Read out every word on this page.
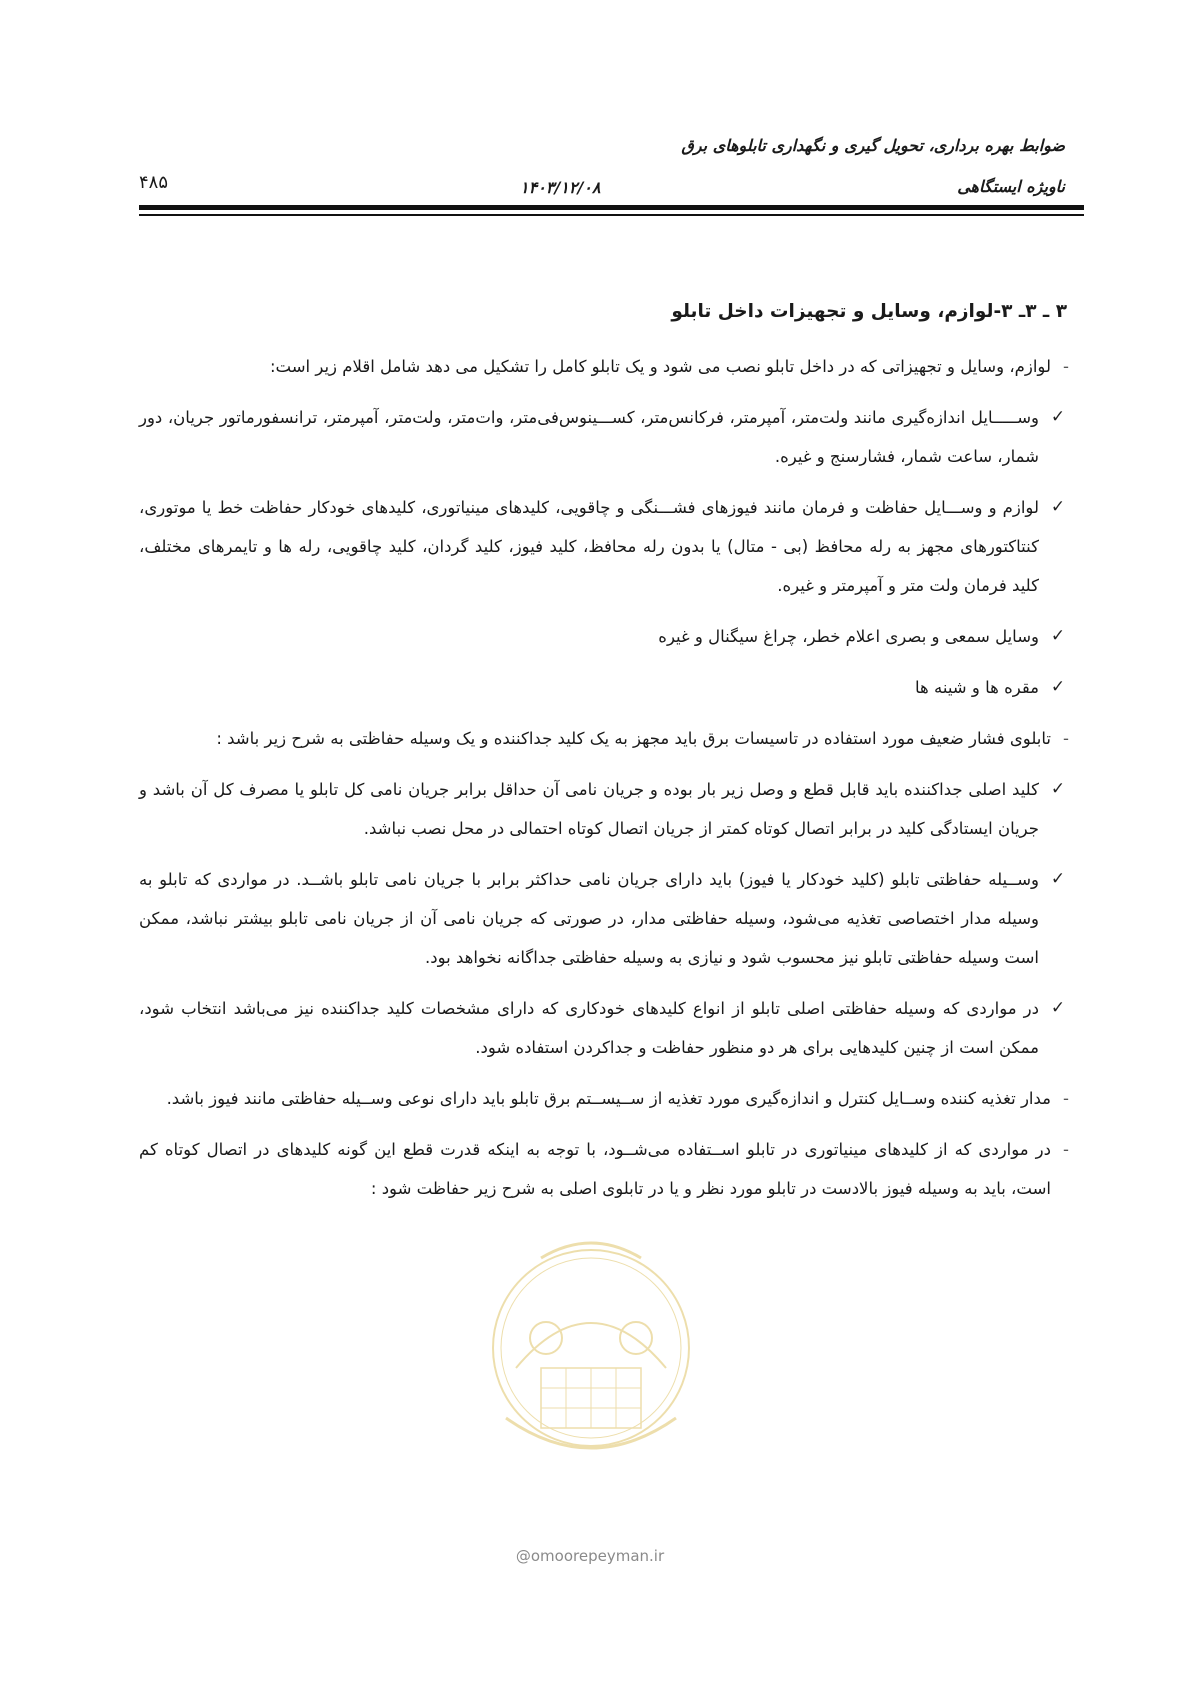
ضوابط بهره برداری، تحویل گیری و نگهداری تابلوهای برق
ناویژه ایستگاهی
۱۴۰۳/۱۲/۰۸
۴۸۵
۳ ـ ۳ـ ۳-لوازم، وسایل و تجهیزات داخل تابلو
-

لوازم، وسایل و تجهیزاتی که در داخل تابلو نصب می شود و یک تابلو کامل را تشکیل می دهد شامل اقلام زیر است:

✓

وســـــایل اندازه‌گیری مانند ولت‌متر، آمپرمتر، فرکانس‌متر، کســـینوس‌فی‌متر، وات‌متر، ولت‌متر، آمپرمتر، ترانسفورماتور جریان، دور شمار، ساعت شمار، فشارسنج و غیره.

✓

لوازم و وســـایل حفاظت و فرمان مانند فیوزهای فشـــنگی و چاقویی، کلیدهای مینیاتوری، کلیدهای خودکار حفاظت خط یا موتوری، کنتاکتورهای مجهز به رله محافظ (بی - متال) یا بدون رله محافظ، کلید فیوز، کلید گردان، کلید چاقویی، رله ها و تایمرهای مختلف، کلید فرمان ولت متر و آمپرمتر و غیره.

✓

وسایل سمعی و بصری اعلام خطر، چراغ سیگنال و غیره

✓

مقره ها و شینه ها

-

تابلوی فشار ضعیف مورد استفاده در تاسیسات برق باید مجهز به یک کلید جداکننده و یک وسیله حفاظتی به شرح زیر باشد :

✓

کلید اصلی جداکننده باید قابل قطع و وصل زیر بار بوده و جریان نامی آن حداقل برابر جریان نامی کل تابلو یا مصرف کل آن باشد و جریان ایستادگی کلید در برابر اتصال کوتاه کمتر از جریان اتصال کوتاه احتمالی در محل نصب نباشد.

✓

وســیله حفاظتی تابلو (کلید خودکار یا فیوز) باید دارای جریان نامی حداکثر برابر با جریان نامی تابلو باشــد. در مواردی که تابلو به وسیله مدار اختصاصی تغذیه می‌شود، وسیله حفاظتی مدار، در صورتی که جریان نامی آن از جریان نامی تابلو بیشتر نباشد، ممکن است وسیله حفاظتی تابلو نیز محسوب شود و نیازی به وسیله حفاظتی جداگانه نخواهد بود.

✓

در مواردی که وسیله حفاظتی اصلی تابلو از انواع کلیدهای خودکاری که دارای مشخصات کلید جداکننده نیز می‌باشد انتخاب شود، ممکن است از چنین کلیدهایی برای هر دو منظور حفاظت و جداکردن استفاده شود.

-

مدار تغذیه کننده وســایل کنترل و اندازه‌گیری مورد تغذیه از ســیســتم برق تابلو باید دارای نوعی وســیله حفاظتی مانند فیوز باشد.

-

در مواردی که از کلیدهای مینیاتوری در تابلو اســتفاده می‌شــود، با توجه به اینکه قدرت قطع این گونه کلیدهای در اتصال کوتاه کم است، باید به وسیله فیوز بالادست در تابلو مورد نظر و یا در تابلوی اصلی به شرح زیر حفاظت شود :

@omoorepeyman.ir
